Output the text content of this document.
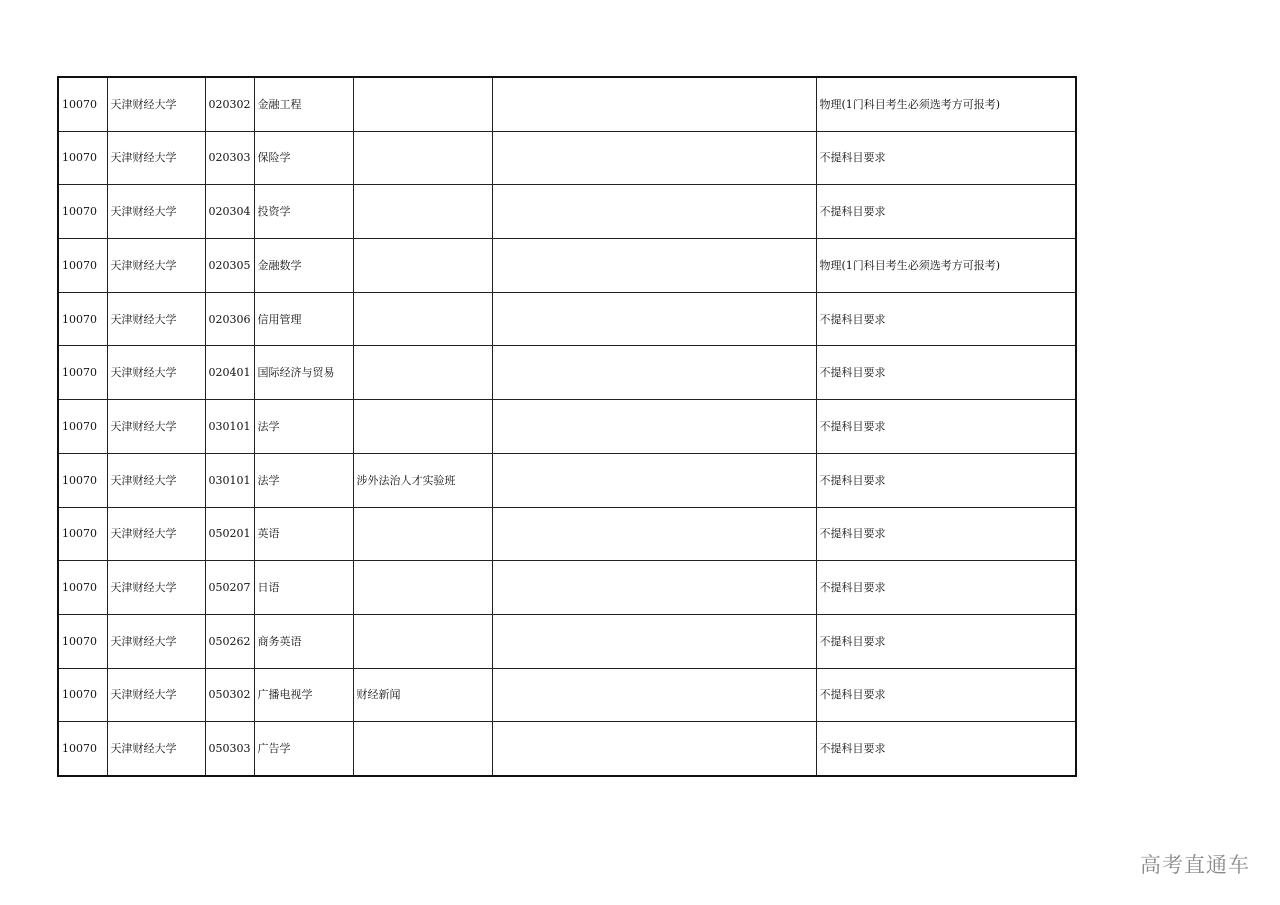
10070	天津财经大学	020302	金融工程			物理(1门科目考生必须选考方可报考)
10070	天津财经大学	020303	保险学			不提科目要求
10070	天津财经大学	020304	投资学			不提科目要求
10070	天津财经大学	020305	金融数学			物理(1门科目考生必须选考方可报考)
10070	天津财经大学	020306	信用管理			不提科目要求
10070	天津财经大学	020401	国际经济与贸易			不提科目要求
10070	天津财经大学	030101	法学			不提科目要求
10070	天津财经大学	030101	法学	涉外法治人才实验班		不提科目要求
10070	天津财经大学	050201	英语			不提科目要求
10070	天津财经大学	050207	日语			不提科目要求
10070	天津财经大学	050262	商务英语			不提科目要求
10070	天津财经大学	050302	广播电视学	财经新闻		不提科目要求
10070	天津财经大学	050303	广告学			不提科目要求
高考直通车
